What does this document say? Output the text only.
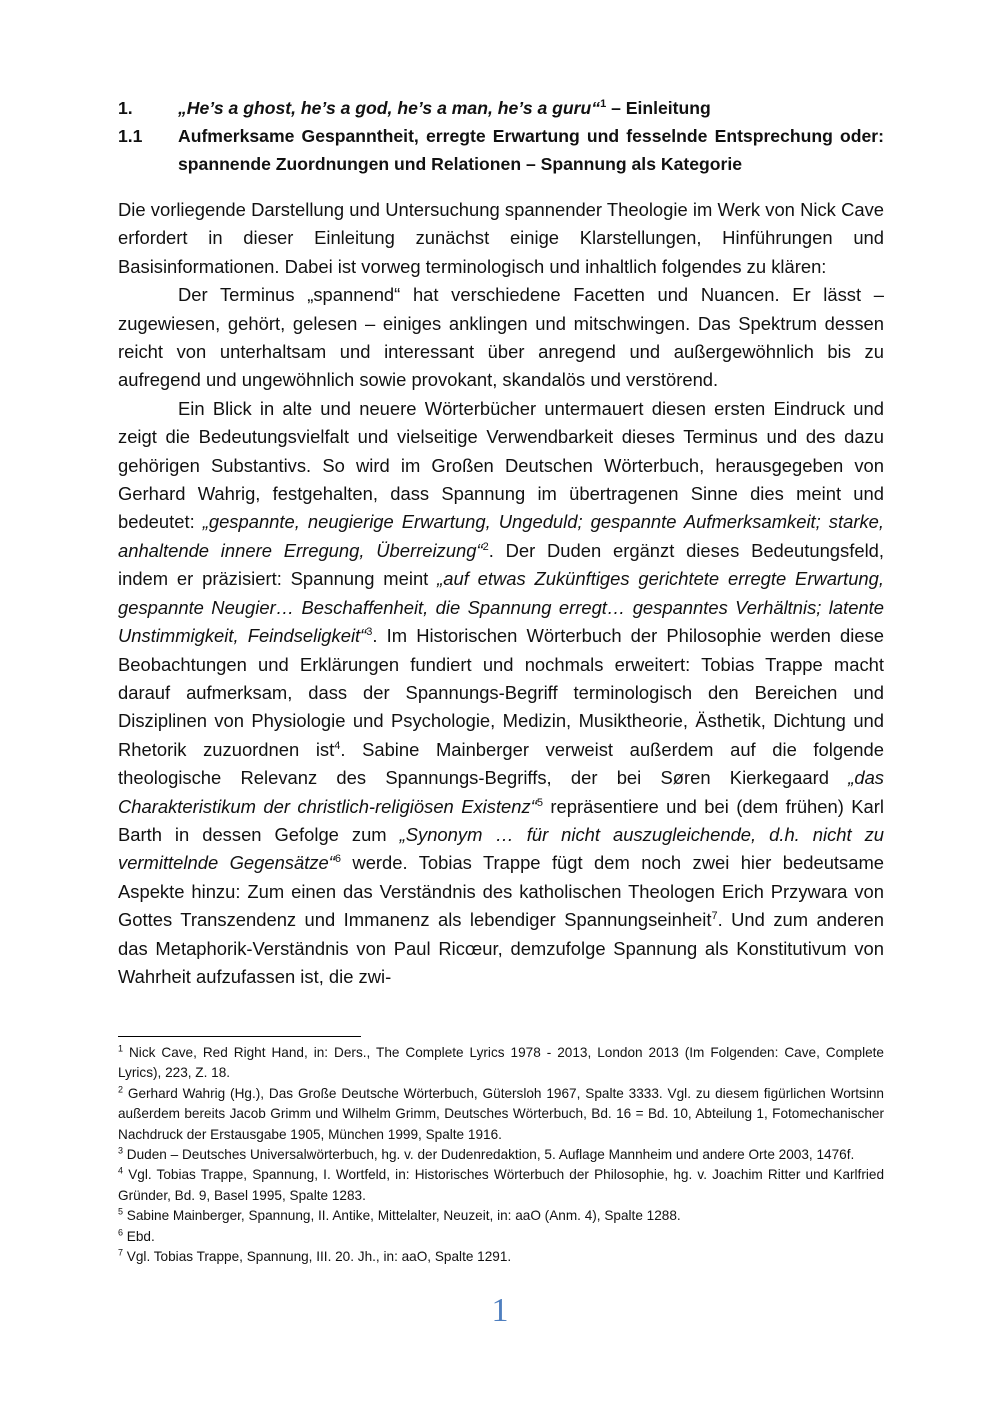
1.	„He’s a ghost, he’s a god, he’s a man, he’s a guru“$^1$ – Einleitung
1.1 Aufmerksame Gespanntheit, erregte Erwartung und fesselnde Entsprechung oder: spannende Zuordnungen und Relationen – Spannung als Kategorie

Die vorliegende Darstellung und Untersuchung spannender Theologie im Werk von Nick Cave erfordert in dieser Einleitung zunächst einige Klarstellungen, Hinführungen und Basisinformationen. Dabei ist vorweg terminologisch und inhaltlich folgendes zu klären:

Der Terminus „spannend“ hat verschiedene Facetten und Nuancen. Er lässt – zugewiesen, gehört, gelesen – einiges anklingen und mitschwingen. Das Spektrum dessen reicht von unterhaltsam und interessant über anregend und außergewöhnlich bis zu aufregend und ungewöhnlich sowie provokant, skandalös und verstörend.

Ein Blick in alte und neuere Wörterbücher untermauert diesen ersten Eindruck und zeigt die Bedeutungsvielfalt und vielseitige Verwendbarkeit dieses Terminus und des dazu gehörigen Substantivs. So wird im Großen Deutschen Wörterbuch, herausgegeben von Gerhard Wahrig, festgehalten, dass Spannung im übertragenen Sinne dies meint und bedeutet: „gespannte, neugierige Erwartung, Ungeduld; gespannte Aufmerksamkeit; starke, anhaltende innere Erregung, Überreizung“$^2$. Der Duden ergänzt dieses Bedeutungsfeld, indem er präzisiert: Spannung meint „auf etwas Zukünftiges gerichtete erregte Erwartung, gespannte Neugier… Beschaffenheit, die Spannung erregt… gespanntes Verhältnis; latente Unstimmigkeit, Feindseligkeit“$^3$. Im Historischen Wörterbuch der Philosophie werden diese Beobachtungen und Erklärungen fundiert und nochmals erweitert: Tobias Trappe macht darauf aufmerksam, dass der Spannungs-Begriff terminologisch den Bereichen und Disziplinen von Physiologie und Psychologie, Medizin, Musiktheorie, Ästhetik, Dichtung und Rhetorik zuzuordnen ist$^4$. Sabine Mainberger verweist außerdem auf die folgende theologische Relevanz des Spannungs-Begriffs, der bei Søren Kierkegaard „das Charakteristikum der christlich-religiösen Existenz“$^5$ repräsentiere und bei (dem frühen) Karl Barth in dessen Gefolge zum „Synonym … für nicht auszugleichende, d.h. nicht zu vermittelnde Gegensätze“$^6$ werde. Tobias Trappe fügt dem noch zwei hier bedeutsame Aspekte hinzu: Zum einen das Verständnis des katholischen Theologen Erich Przywara von Gottes Transzendenz und Immanenz als lebendiger Spannungseinheit$^7$. Und zum anderen das Metaphorik-Verständnis von Paul Ricœur, demzufolge Spannung als Konstitutivum von Wahrheit aufzufassen ist, die zwi-

$^1$ Nick Cave, Red Right Hand, in: Ders., The Complete Lyrics 1978 - 2013, London 2013 (Im Folgenden: Cave, Complete Lyrics), 223, Z. 18.

$^2$ Gerhard Wahrig (Hg.), Das Große Deutsche Wörterbuch, Gütersloh 1967, Spalte 3333. Vgl. zu diesem figürlichen Wortsinn außerdem bereits Jacob Grimm und Wilhelm Grimm, Deutsches Wörterbuch, Bd. 16 = Bd. 10, Abteilung 1, Fotomechanischer Nachdruck der Erstausgabe 1905, München 1999, Spalte 1916.

$^3$ Duden – Deutsches Universalwörterbuch, hg. v. der Dudenredaktion, 5. Auflage Mannheim und andere Orte 2003, 1476f.

$^4$ Vgl. Tobias Trappe, Spannung, I. Wortfeld, in: Historisches Wörterbuch der Philosophie, hg. v. Joachim Ritter und Karlfried Gründer, Bd. 9, Basel 1995, Spalte 1283.

$^5$ Sabine Mainberger, Spannung, II. Antike, Mittelalter, Neuzeit, in: aaO (Anm. 4), Spalte 1288.

$^6$ Ebd.

$^7$ Vgl. Tobias Trappe, Spannung, III. 20. Jh., in: aaO, Spalte 1291.

1
